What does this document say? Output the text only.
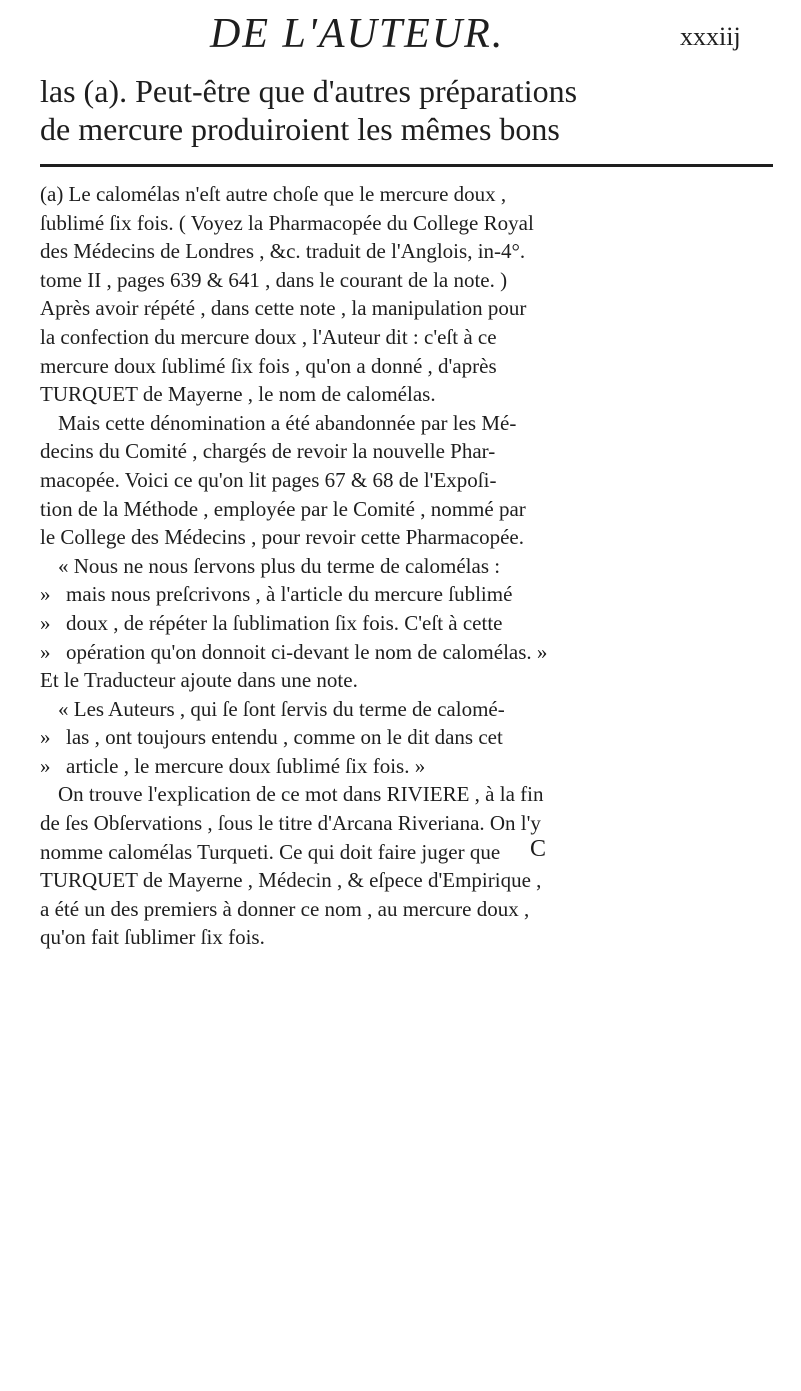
DE L'AUTEUR.	xxxiij

las (a). Peut-être que d'autres préparations

de mercure produiroient les mêmes bons

(a) Le calomélas n'eſt autre choſe que le mercure doux ,

ſublimé ſix fois. ( Voyez la Pharmacopée du College Royal

des Médecins de Londres , &c. traduit de l'Anglois, in-4°.

tome II , pages 639 & 641 , dans le courant de la note. )

Après avoir répété , dans cette note , la manipulation pour

la confection du mercure doux , l'Auteur dit : c'eſt à ce

mercure doux ſublimé ſix fois , qu'on a donné , d'après

TURQUET de Mayerne , le nom de calomélas.

Mais cette dénomination a été abandonnée par les Mé-

decins du Comité , chargés de revoir la nouvelle Phar-

macopée. Voici ce qu'on lit pages 67 & 68 de l'Expoſi-

tion de la Méthode , employée par le Comité , nommé par

le College des Médecins , pour revoir cette Pharmacopée.

« Nous ne nous ſervons plus du terme de calomélas :

» mais nous preſcrivons , à l'article du mercure ſublimé

» doux , de répéter la ſublimation ſix fois. C'eſt à cette

» opération qu'on donnoit ci-devant le nom de calomélas. »

Et le Traducteur ajoute dans une note.

« Les Auteurs , qui ſe ſont ſervis du terme de calomé-

» las , ont toujours entendu , comme on le dit dans cet

» article , le mercure doux ſublimé ſix fois. »

On trouve l'explication de ce mot dans RIVIERE , à la fin

de ſes Obſervations , ſous le titre d'Arcana Riveriana. On l'y

nomme calomélas Turqueti. Ce qui doit faire juger que

TURQUET de Mayerne , Médecin , & eſpece d'Empirique ,

a été un des premiers à donner ce nom , au mercure doux ,

qu'on fait ſublimer ſix fois.

C
